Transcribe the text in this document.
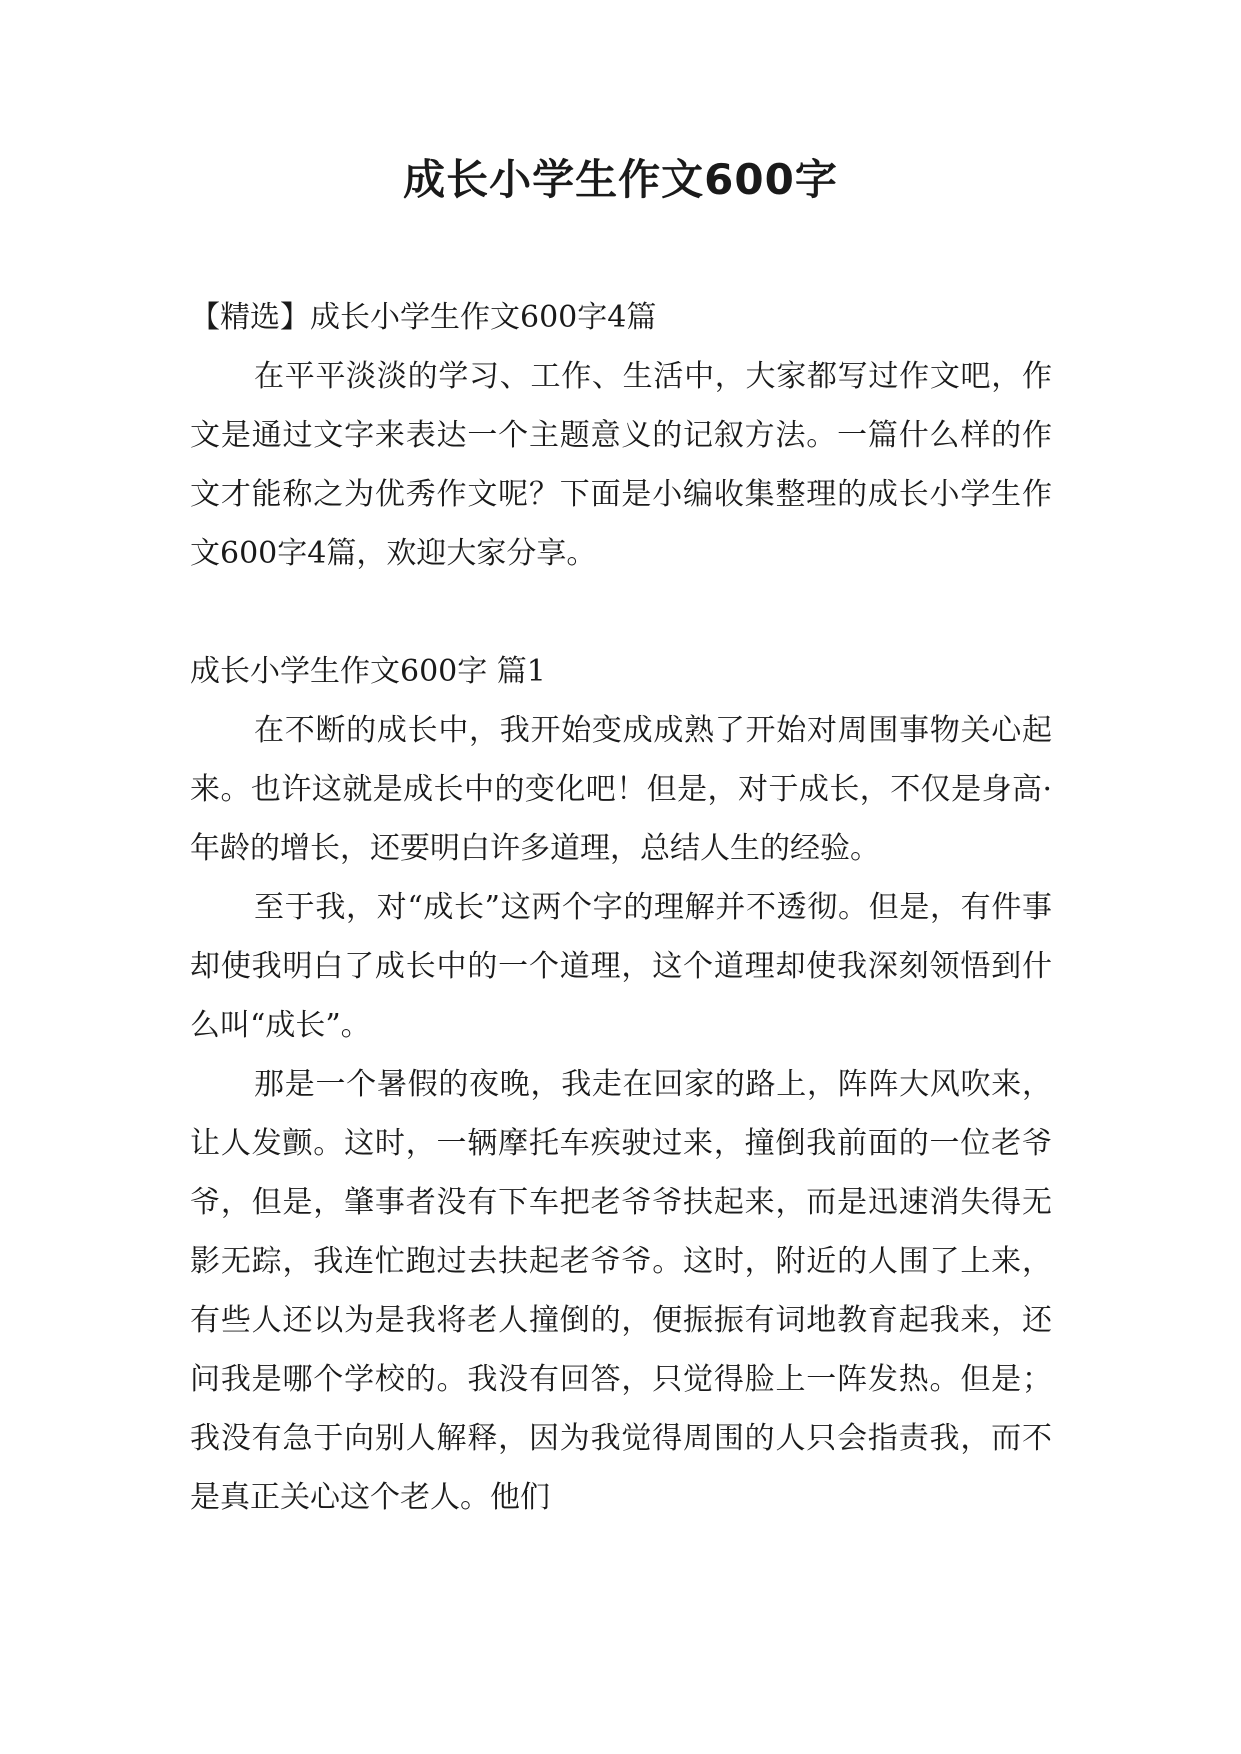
成长小学生作文600字

【精选】成长小学生作文600字4篇

在平平淡淡的学习、工作、生活中，大家都写过作文吧，作文是通过文字来表达一个主题意义的记叙方法。一篇什么样的作文才能称之为优秀作文呢？下面是小编收集整理的成长小学生作文600字4篇，欢迎大家分享。

成长小学生作文600字 篇1

在不断的成长中，我开始变成成熟了开始对周围事物关心起来。也许这就是成长中的变化吧！但是，对于成长，不仅是身高·年龄的增长，还要明白许多道理，总结人生的经验。

至于我，对“成长”这两个字的理解并不透彻。但是，有件事却使我明白了成长中的一个道理，这个道理却使我深刻领悟到什么叫“成长”。

那是一个暑假的夜晚，我走在回家的路上，阵阵大风吹来，让人发颤。这时，一辆摩托车疾驶过来，撞倒我前面的一位老爷爷，但是，肇事者没有下车把老爷爷扶起来，而是迅速消失得无影无踪，我连忙跑过去扶起老爷爷。这时，附近的人围了上来，有些人还以为是我将老人撞倒的，便振振有词地教育起我来，还问我是哪个学校的。我没有回答，只觉得脸上一阵发热。但是；我没有急于向别人解释，因为我觉得周围的人只会指责我，而不是真正关心这个老人。他们
